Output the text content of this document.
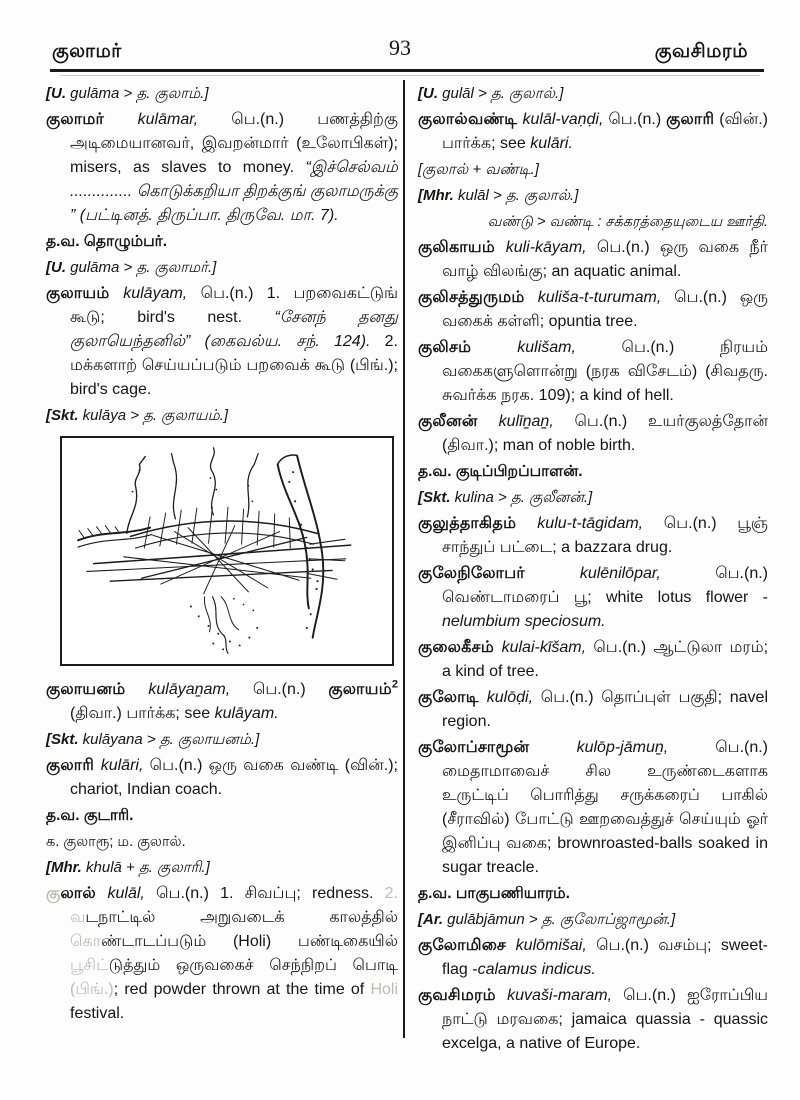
குலாமர்	93	குவசிமரம்

[U. gulāma > த. குலாம்.]

குலாமர் kulāmar, பெ.(n.) பணத்திற்கு அடிமையானவர், இவறன்மார் (உலோபிகள்); misers, as slaves to money. “இச்செல்வம் .............. கொடுக்கறியா திறக்குங் குலாமருக்கு ” (பட்டினத். திருப்பா. திருவே. மா. 7).

த.வ. தொழும்பர்.

[U. gulāma > த. குலாமர்.]

குலாயம் kulāyam, பெ.(n.) 1. பறவைகட்டுங் கூடு; bird's nest. “சேனந் தனது குலாயெந்தனில்” (கைவல்ய. சந். 124). 2. மக்களாற் செய்யப்படும் பறவைக் கூடு (பிங்.); bird's cage.

[Skt. kulāya > த. குலாயம்.]

குலாயனம் kulāyaṉam, பெ.(n.) குலாயம்$^2$ (திவா.) பார்க்க; see kulāyam.

[Skt. kulāyana > த. குலாயனம்.]

குலாரி kulāri, பெ.(n.) ஒரு வகை வண்டி (வின்.); chariot, Indian coach.

த.வ. குடாரி.

க. குலாரூ; ம. குலால்.

[Mhr. khulā + த. குலாரி.]

குலால் kulāl, பெ.(n.) 1. சிவப்பு; redness. 2. வடநாட்டில் அறுவடைக் காலத்தில் கொண்டாடப்படும் (Holi) பண்டிகையில் பூசிட்டுத்தும் ஒருவகைச் செந்நிறப் பொடி (பிங்.); red powder thrown at the time of Holi festival.

[U. gulāl > த. குலால்.]

குலால்வண்டி kulāl-vaṇḍi, பெ.(n.) குலாரி (வின்.) பார்க்க; see kulāri.

[குலால் + வண்டி.]

[Mhr. kulāl > த. குலால்.]

வண்டு > வண்டி : சக்கரத்தையுடைய ஊர்தி.

குலிகாயம் kuli-kāyam, பெ.(n.) ஒரு வகை நீர் வாழ் விலங்கு; an aquatic animal.

குலிசத்துருமம் kuliša-t-turumam, பெ.(n.) ஒரு வகைக் கள்ளி; opuntia tree.

குலிசம் kulišam, பெ.(n.) நிரயம் வகைகளுளொன்று (நரக விசேடம்) (சிவதரு. சுவர்க்க நரக. 109); a kind of hell.

குலீனன் kulīṉaṉ, பெ.(n.) உயர்குலத்தோன் (திவா.); man of noble birth.

த.வ. குடிப்பிறப்பாளன்.

[Skt. kulina > த. குலீனன்.]

குலுத்தாகிதம் kulu-t-tāgidam, பெ.(n.) பூஞ் சாந்துப் பட்டை; a bazzara drug.

குலேநிலோபர் kulēnilōpar, பெ.(n.) வெண்டாமரைப் பூ; white lotus flower - nelumbium speciosum.

குலைகீசம் kulai-kīšam, பெ.(n.) ஆட்டுலா மரம்; a kind of tree.

குலோடி kulōḍi, பெ.(n.) தொப்புள் பகுதி; navel region.

குலோப்சாமூன் kulōp-jāmuṉ, பெ.(n.) மைதாமாவைச் சில உருண்டைகளாக உருட்டிப் பொரித்து சருக்கரைப் பாகில் (சீராவில்) போட்டு ஊறவைத்துச் செய்யும் ஓர் இனிப்பு வகை; brownroasted-balls soaked in sugar treacle.

த.வ. பாகுபணியாரம்.

[Ar. gulābjāmun > த. குலோப்ஜாமூன்.]

குலோமிசை kulōmišai, பெ.(n.) வசம்பு; sweet-flag -calamus indicus.

குவசிமரம் kuvaši-maram, பெ.(n.) ஐரோப்பிய நாட்டு மரவகை; jamaica quassia - quassic excelga, a native of Europe.
